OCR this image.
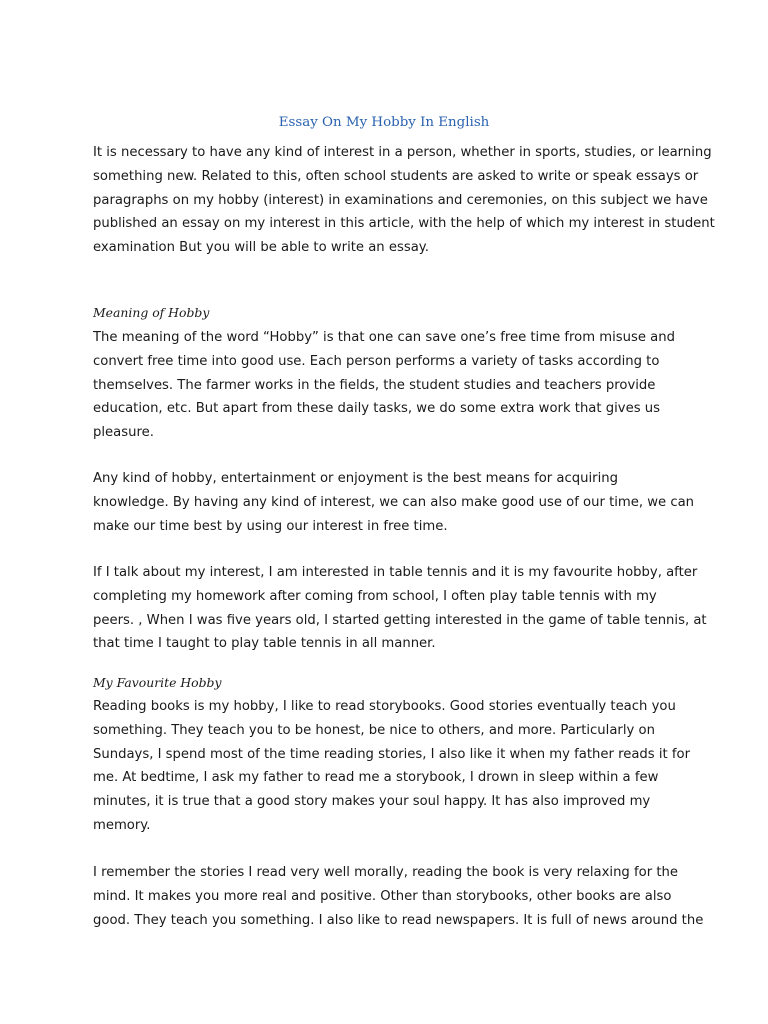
Essay On My Hobby In English
It is necessary to have any kind of interest in a person, whether in sports, studies, or learning
something new. Related to this, often school students are asked to write or speak essays or
paragraphs on my hobby (interest) in examinations and ceremonies, on this subject we have
published an essay on my interest in this article, with the help of which my interest in student
examination But you will be able to write an essay.
Meaning of Hobby
The meaning of the word “Hobby” is that one can save one’s free time from misuse and
convert free time into good use. Each person performs a variety of tasks according to
themselves. The farmer works in the fields, the student studies and teachers provide
education, etc. But apart from these daily tasks, we do some extra work that gives us
pleasure.
Any kind of hobby, entertainment or enjoyment is the best means for acquiring
knowledge. By having any kind of interest, we can also make good use of our time, we can
make our time best by using our interest in free time.
If I talk about my interest, I am interested in table tennis and it is my favourite hobby, after
completing my homework after coming from school, I often play table tennis with my
peers. , When I was five years old, I started getting interested in the game of table tennis, at
that time I taught to play table tennis in all manner.
My Favourite Hobby
Reading books is my hobby, I like to read storybooks. Good stories eventually teach you
something. They teach you to be honest, be nice to others, and more. Particularly on
Sundays, I spend most of the time reading stories, I also like it when my father reads it for
me. At bedtime, I ask my father to read me a storybook, I drown in sleep within a few
minutes, it is true that a good story makes your soul happy. It has also improved my
memory.
I remember the stories I read very well morally, reading the book is very relaxing for the
mind. It makes you more real and positive. Other than storybooks, other books are also
good. They teach you something. I also like to read newspapers. It is full of news around the
